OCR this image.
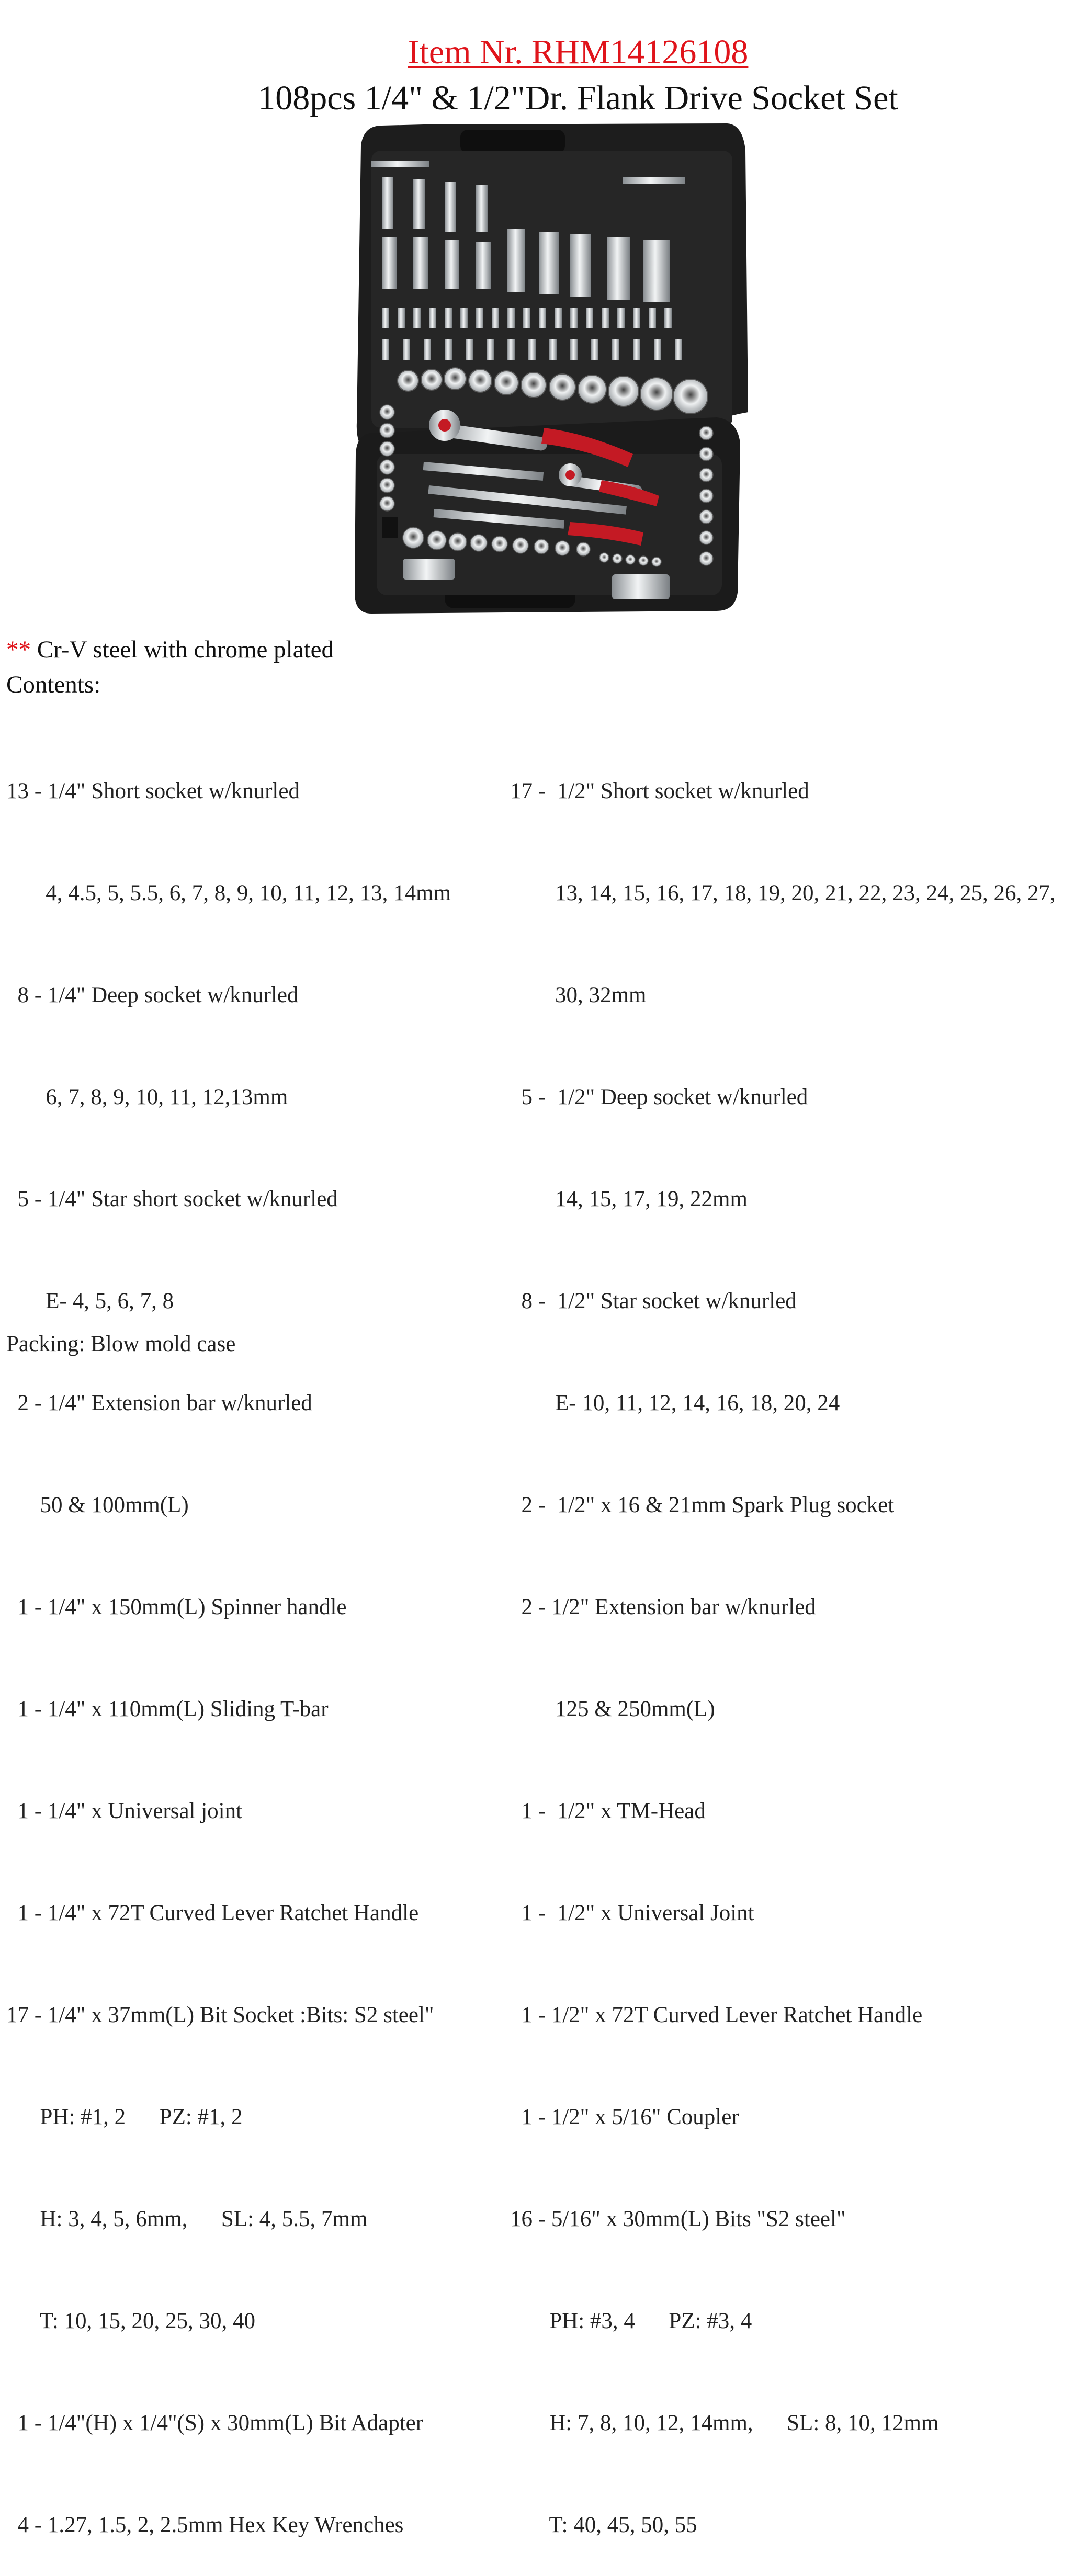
Item Nr. RHM14126108
108pcs 1/4" & 1/2"Dr. Flank Drive Socket Set
** Cr-V steel with chrome plated
Contents:

13 - 1/4" Short socket w/knurled

4, 4.5, 5, 5.5, 6, 7, 8, 9, 10, 11, 12, 13, 14mm

8 - 1/4" Deep socket w/knurled

6, 7, 8, 9, 10, 11, 12,13mm

5 - 1/4" Star short socket w/knurled

E- 4, 5, 6, 7, 8

2 - 1/4" Extension bar w/knurled

50 & 100mm(L)

1 - 1/4" x 150mm(L) Spinner handle

1 - 1/4" x 110mm(L) Sliding T-bar

1 - 1/4" x Universal joint

1 - 1/4" x 72T Curved Lever Ratchet Handle

17 - 1/4" x 37mm(L) Bit Socket :Bits: S2 steel"

PH: #1, 2      PZ: #1, 2

H: 3, 4, 5, 6mm,      SL: 4, 5.5, 7mm

T: 10, 15, 20, 25, 30, 40

1 - 1/4"(H) x 1/4"(S) x 30mm(L) Bit Adapter

4 - 1.27, 1.5, 2, 2.5mm Hex Key Wrenches

17 -  1/2" Short socket w/knurled

13, 14, 15, 16, 17, 18, 19, 20, 21, 22, 23, 24, 25, 26, 27,

30, 32mm

5 -  1/2" Deep socket w/knurled

14, 15, 17, 19, 22mm

8 -  1/2" Star socket w/knurled

E- 10, 11, 12, 14, 16, 18, 20, 24

2 -  1/2" x 16 & 21mm Spark Plug socket

2 - 1/2" Extension bar w/knurled

125 & 250mm(L)

1 -  1/2" x TM-Head

1 -  1/2" x Universal Joint

1 - 1/2" x 72T Curved Lever Ratchet Handle

1 - 1/2" x 5/16" Coupler

16 - 5/16" x 30mm(L) Bits "S2 steel"

PH: #3, 4      PZ: #3, 4

H: 7, 8, 10, 12, 14mm,      SL: 8, 10, 12mm

T: 40, 45, 50, 55

Packing: Blow mold case
